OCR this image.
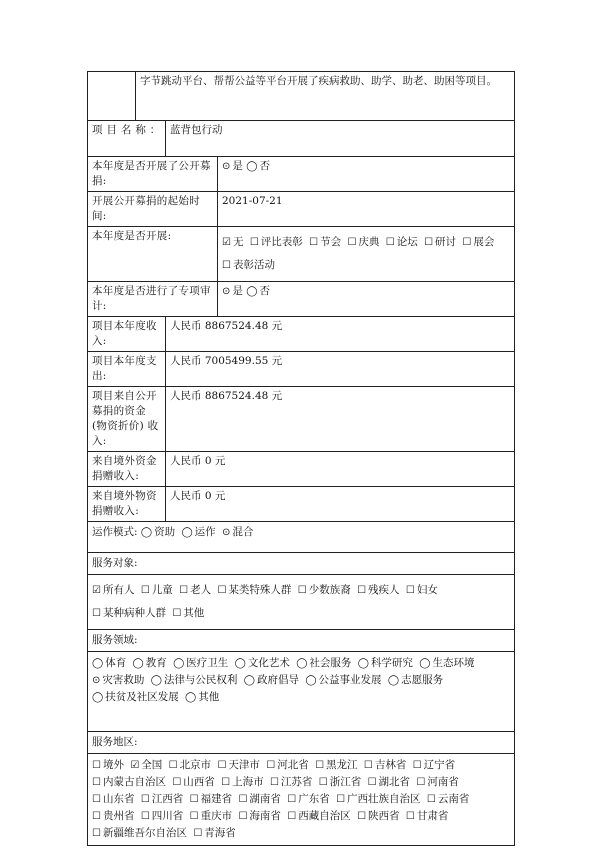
	字节跳动平台、帮帮公益等平台开展了疾病救助、助学、助老、助困等项目。		
项 目 名 称 ：		蓝背包行动	
本年度是否开展了公开募捐:			⊙ 是 ◯ 否
开展公开募捐的起始时间:			2021-07-21
本年度是否开展:			☑ 无 ☐ 评比表彰 ☐ 节会 ☐ 庆典 ☐ 论坛 ☐ 研讨 ☐ 展会 ☐ 表彰活动
本年度是否进行了专项审计:			⊙ 是 ◯ 否
项目本年度收入:		人民币 8867524.48 元	
项目本年度支出:		人民币 7005499.55 元	
项目来自公开募捐的资金(物资折价) 收入:		人民币 8867524.48 元	
来自境外资金捐赠收入:		人民币 0 元	
来自境外物资捐赠收入:		人民币 0 元	
运作模式: ◯ 资助 ◯ 运作 ⊙ 混合			
服务对象:			
☑ 所有人 ☐ 儿童 ☐ 老人 ☐ 某类特殊人群 ☐ 少数族裔 ☐ 残疾人 ☐ 妇女 ☐ 某种病种人群 ☐ 其他			
服务领域:			
◯ 体育 ◯ 教育 ◯ 医疗卫生 ◯ 文化艺术 ◯ 社会服务 ◯ 科学研究 ◯ 生态环境 ⊙ 灾害救助 ◯ 法律与公民权利 ◯ 政府倡导 ◯ 公益事业发展 ◯ 志愿服务 ◯ 扶贫及社区发展 ◯ 其他			
服务地区:			
☐ 境外 ☑ 全国 ☐ 北京市 ☐ 天津市 ☐ 河北省 ☐ 黑龙江 ☐ 吉林省 ☐ 辽宁省 ☐ 内蒙古自治区 ☐ 山西省 ☐ 上海市 ☐ 江苏省 ☐ 浙江省 ☐ 湖北省 ☐ 河南省 ☐ 山东省 ☐ 江西省 ☐ 福建省 ☐ 湖南省 ☐ 广东省 ☐ 广西壮族自治区 ☐ 云南省 ☐ 贵州省 ☐ 四川省 ☐ 重庆市 ☐ 海南省 ☐ 西藏自治区 ☐ 陕西省 ☐ 甘肃省 ☐ 新疆维吾尔自治区 ☐ 青海省			
